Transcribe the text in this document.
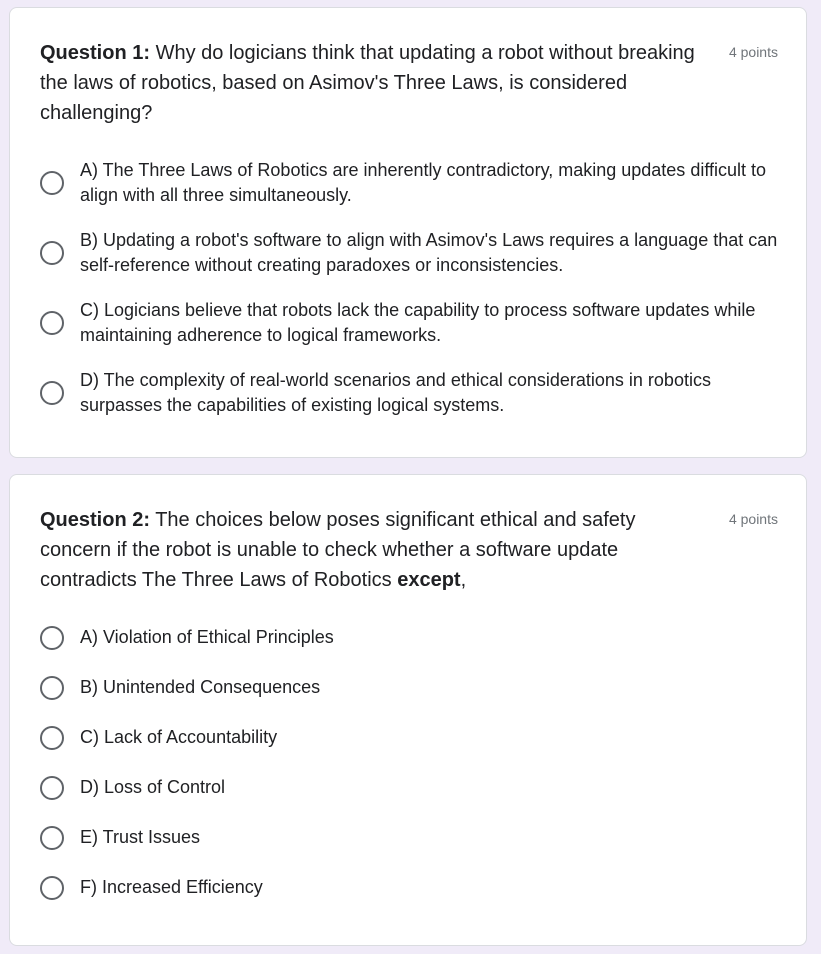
Question 1: Why do logicians think that updating a robot without breaking the laws of robotics, based on Asimov's Three Laws, is considered challenging?
4 points
A) The Three Laws of Robotics are inherently contradictory, making updates difficult to align with all three simultaneously.
B) Updating a robot's software to align with Asimov's Laws requires a language that can self-reference without creating paradoxes or inconsistencies.
C) Logicians believe that robots lack the capability to process software updates while maintaining adherence to logical frameworks.
D) The complexity of real-world scenarios and ethical considerations in robotics surpasses the capabilities of existing logical systems.
Question 2: The choices below poses significant ethical and safety concern if the robot is unable to check whether a software update contradicts The Three Laws of Robotics except,
4 points
A) Violation of Ethical Principles
B) Unintended Consequences
C) Lack of Accountability
D) Loss of Control
E) Trust Issues
F) Increased Efficiency
